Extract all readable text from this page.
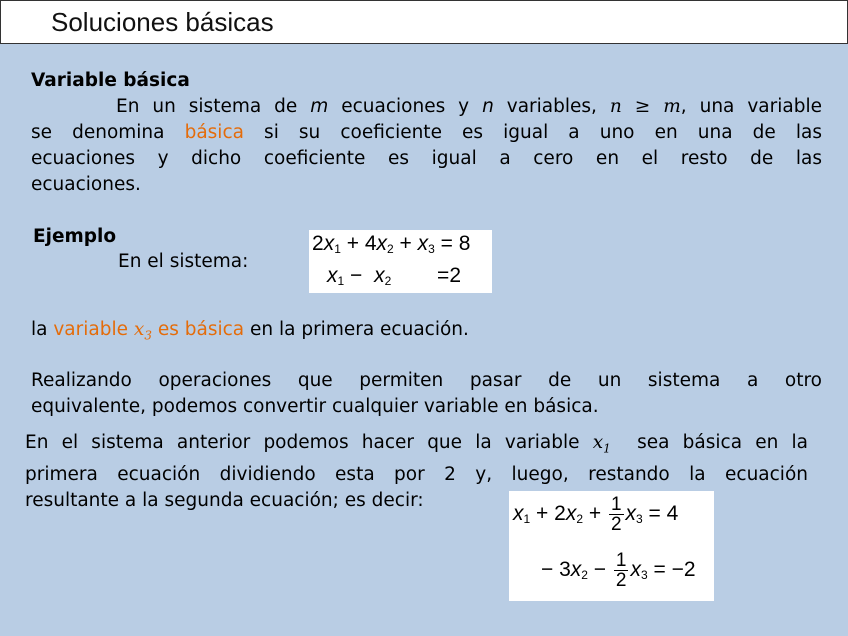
Soluciones básicas
Variable básica
En un sistema de m ecuaciones y n variables, n ≥ m, una variable
se denomina básica si su coeficiente es igual a uno en una de las
ecuaciones y dicho coeficiente es igual a cero en el resto de las
ecuaciones.
Ejemplo
En el sistema:
$2x_1 + 4x_2 + x_3 = 8$
$x_1 - x_2 =2$
la variable $x_3$ es básica en la primera ecuación.
Realizando operaciones que permiten pasar de un sistema a otro
equivalente, podemos convertir cualquier variable en básica.
En el sistema anterior podemos hacer que la variable $x_1$  sea básica en la
primera ecuación dividiendo esta por 2 y, luego, restando la ecuación
resultante a la segunda ecuación; es decir:
$x_1 + 2x_2 + \frac{1}{2} x_3 = 4$
− $3x_2 - \frac{1}{2} x_3 = -2$
